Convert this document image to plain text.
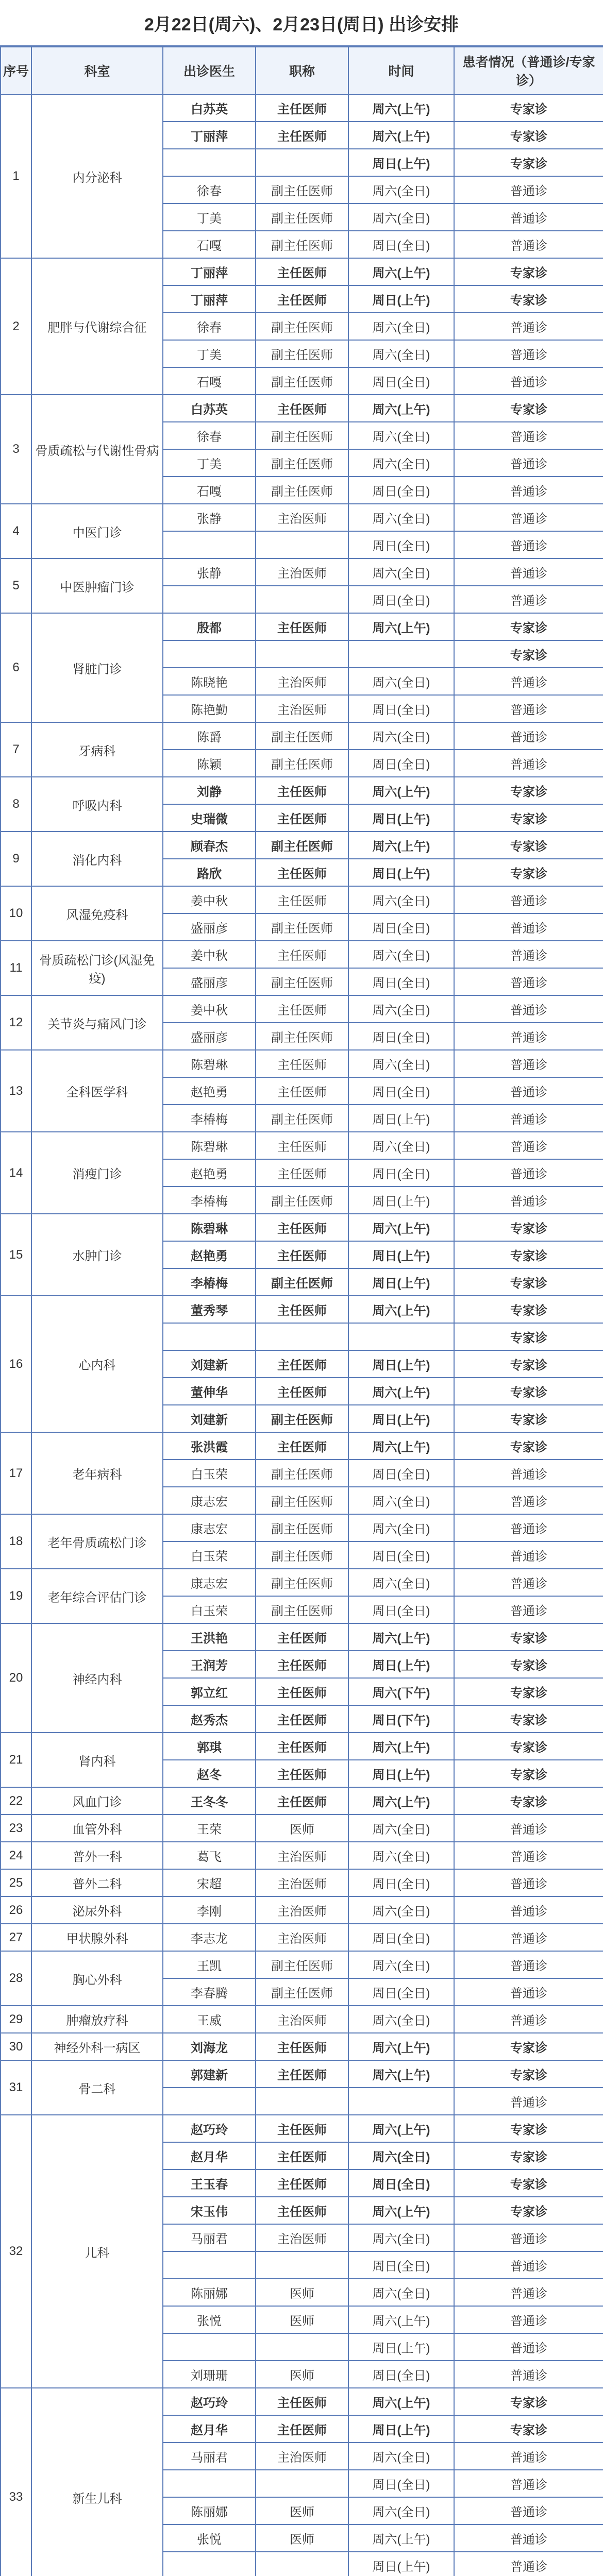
2月22日(周六)、2月23日(周日) 出诊安排
序号	科室	出诊医生	职称	时间	患者情况（普通诊/专家诊）
1	内分泌科	白苏英	主任医师	周六(上午)	专家诊
		丁丽萍	主任医师	周六(上午)	专家诊
				周日(上午)	专家诊
		徐春	副主任医师	周六(全日)	普通诊
		丁美	副主任医师	周六(全日)	普通诊
		石嘎	副主任医师	周日(全日)	普通诊
2	肥胖与代谢综合征	丁丽萍	主任医师	周六(上午)	专家诊
		丁丽萍	主任医师	周日(上午)	专家诊
		徐春	副主任医师	周六(全日)	普通诊
		丁美	副主任医师	周六(全日)	普通诊
		石嘎	副主任医师	周日(全日)	普通诊
3	骨质疏松与代谢性骨病	白苏英	主任医师	周六(上午)	专家诊
		徐春	副主任医师	周六(全日)	普通诊
		丁美	副主任医师	周六(全日)	普通诊
		石嘎	副主任医师	周日(全日)	普通诊
4	中医门诊	张静	主治医师	周六(全日)	普通诊
				周日(全日)	普通诊
5	中医肿瘤门诊	张静	主治医师	周六(全日)	普通诊
				周日(全日)	普通诊
6	肾脏门诊	殷都	主任医师	周六(上午)	专家诊
					专家诊
		陈晓艳	主治医师	周六(全日)	普通诊
		陈艳勤	主治医师	周日(全日)	普通诊
7	牙病科	陈爵	副主任医师	周六(全日)	普通诊
		陈颖	副主任医师	周日(全日)	普通诊
8	呼吸内科	刘静	主任医师	周六(上午)	专家诊
		史瑞微	主任医师	周日(上午)	专家诊
9	消化内科	顾春杰	副主任医师	周六(上午)	专家诊
		路欣	主任医师	周日(上午)	专家诊
10	风湿免疫科	姜中秋	主任医师	周六(全日)	普通诊
		盛丽彦	副主任医师	周日(全日)	普通诊
11	骨质疏松门诊(风湿免疫)	姜中秋	主任医师	周六(全日)	普通诊
		盛丽彦	副主任医师	周日(全日)	普通诊
12	关节炎与痛风门诊	姜中秋	主任医师	周六(全日)	普通诊
		盛丽彦	副主任医师	周日(全日)	普通诊
13	全科医学科	陈碧琳	主任医师	周六(全日)	普通诊
		赵艳勇	主任医师	周日(全日)	普通诊
		李椿梅	副主任医师	周日(上午)	普通诊
14	消瘦门诊	陈碧琳	主任医师	周六(全日)	普通诊
		赵艳勇	主任医师	周日(全日)	普通诊
		李椿梅	副主任医师	周日(上午)	普通诊
15	水肿门诊	陈碧琳	主任医师	周六(上午)	专家诊
		赵艳勇	主任医师	周日(上午)	专家诊
		李椿梅	副主任医师	周日(上午)	专家诊
16	心内科	董秀琴	主任医师	周六(上午)	专家诊
					专家诊
		刘建新	主任医师	周日(上午)	专家诊
		董伸华	主任医师	周六(上午)	专家诊
		刘建新	副主任医师	周日(上午)	专家诊
17	老年病科	张洪霞	主任医师	周六(上午)	专家诊
		白玉荣	副主任医师	周日(全日)	普通诊
		康志宏	副主任医师	周六(全日)	普通诊
18	老年骨质疏松门诊	康志宏	副主任医师	周六(全日)	普通诊
		白玉荣	副主任医师	周日(全日)	普通诊
19	老年综合评估门诊	康志宏	副主任医师	周六(全日)	普通诊
		白玉荣	副主任医师	周日(全日)	普通诊
20	神经内科	王洪艳	主任医师	周六(上午)	专家诊
		王润芳	主任医师	周日(上午)	专家诊
		郭立红	主任医师	周六(下午)	专家诊
		赵秀杰	主任医师	周日(下午)	专家诊
21	肾内科	郭琪	主任医师	周六(上午)	专家诊
		赵冬	主任医师	周日(上午)	专家诊
22	风血门诊	王冬冬	主任医师	周六(上午)	专家诊
23	血管外科	王荣	医师	周六(全日)	普通诊
24	普外一科	葛飞	主治医师	周六(全日)	普通诊
25	普外二科	宋超	主治医师	周日(全日)	普通诊
26	泌尿外科	李刚	主治医师	周六(全日)	普通诊
27	甲状腺外科	李志龙	主治医师	周日(全日)	普通诊
28	胸心外科	王凯	副主任医师	周六(全日)	普通诊
		李春腾	副主任医师	周日(全日)	普通诊
29	肿瘤放疗科	王威	主治医师	周六(全日)	普通诊
30	神经外科一病区	刘海龙	主任医师	周六(上午)	专家诊
31	骨二科	郭建新	主任医师	周六(上午)	专家诊
					普通诊
32	儿科	赵巧玲	主任医师	周六(上午)	专家诊
		赵月华	主任医师	周六(全日)	专家诊
		王玉春	主任医师	周日(全日)	专家诊
		宋玉伟	主任医师	周六(上午)	专家诊
		马丽君	主治医师	周六(全日)	普通诊
				周日(全日)	普通诊
		陈丽娜	医师	周六(全日)	普通诊
		张悦	医师	周六(上午)	普通诊
				周日(上午)	普通诊
		刘珊珊	医师	周日(全日)	普通诊
33	新生儿科	赵巧玲	主任医师	周六(上午)	专家诊
		赵月华	主任医师	周日(上午)	专家诊
		马丽君	主治医师	周六(全日)	普通诊
				周日(全日)	普通诊
		陈丽娜	医师	周六(全日)	普通诊
		张悦	医师	周六(上午)	普通诊
				周日(上午)	普通诊
